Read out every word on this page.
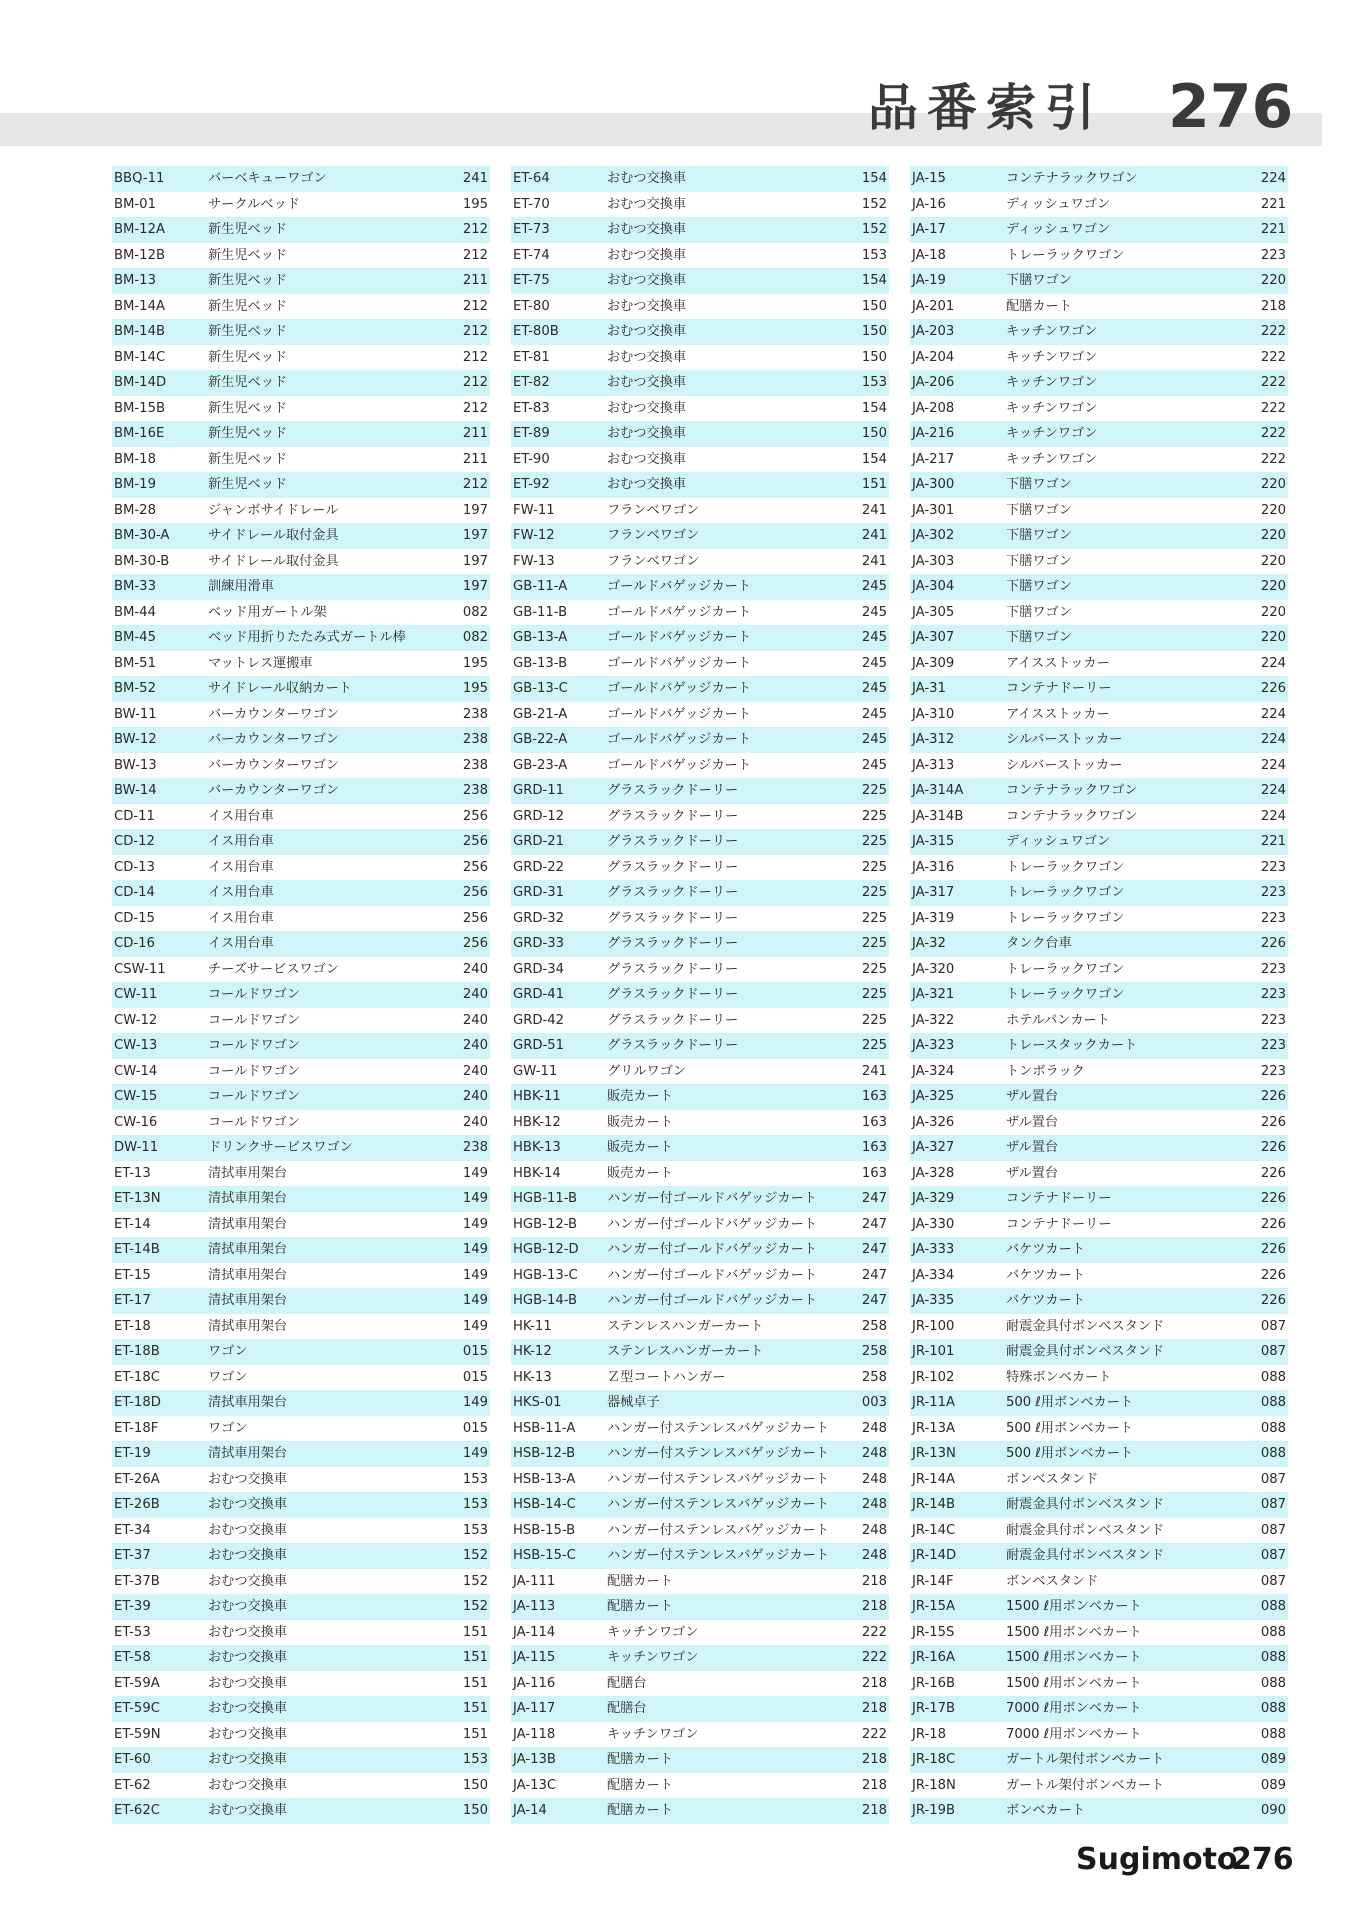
品番索引 276
BBQ-11	バーベキューワゴン	241
BM-01	サークルベッド	195
BM-12A	新生児ベッド	212
BM-12B	新生児ベッド	212
BM-13	新生児ベッド	211
BM-14A	新生児ベッド	212
BM-14B	新生児ベッド	212
BM-14C	新生児ベッド	212
BM-14D	新生児ベッド	212
BM-15B	新生児ベッド	212
BM-16E	新生児ベッド	211
BM-18	新生児ベッド	211
BM-19	新生児ベッド	212
BM-28	ジャンボサイドレール	197
BM-30-A	サイドレール取付金具	197
BM-30-B	サイドレール取付金具	197
BM-33	訓練用滑車	197
BM-44	ベッド用ガートル架	082
BM-45	ベッド用折りたたみ式ガートル棒	082
BM-51	マットレス運搬車	195
BM-52	サイドレール収納カート	195
BW-11	バーカウンターワゴン	238
BW-12	バーカウンターワゴン	238
BW-13	バーカウンターワゴン	238
BW-14	バーカウンターワゴン	238
CD-11	イス用台車	256
CD-12	イス用台車	256
CD-13	イス用台車	256
CD-14	イス用台車	256
CD-15	イス用台車	256
CD-16	イス用台車	256
CSW-11	チーズサービスワゴン	240
CW-11	コールドワゴン	240
CW-12	コールドワゴン	240
CW-13	コールドワゴン	240
CW-14	コールドワゴン	240
CW-15	コールドワゴン	240
CW-16	コールドワゴン	240
DW-11	ドリンクサービスワゴン	238
ET-13	清拭車用架台	149
ET-13N	清拭車用架台	149
ET-14	清拭車用架台	149
ET-14B	清拭車用架台	149
ET-15	清拭車用架台	149
ET-17	清拭車用架台	149
ET-18	清拭車用架台	149
ET-18B	ワゴン	015
ET-18C	ワゴン	015
ET-18D	清拭車用架台	149
ET-18F	ワゴン	015
ET-19	清拭車用架台	149
ET-26A	おむつ交換車	153
ET-26B	おむつ交換車	153
ET-34	おむつ交換車	153
ET-37	おむつ交換車	152
ET-37B	おむつ交換車	152
ET-39	おむつ交換車	152
ET-53	おむつ交換車	151
ET-58	おむつ交換車	151
ET-59A	おむつ交換車	151
ET-59C	おむつ交換車	151
ET-59N	おむつ交換車	151
ET-60	おむつ交換車	153
ET-62	おむつ交換車	150
ET-62C	おむつ交換車	150
ET-64	おむつ交換車	154
ET-70	おむつ交換車	152
ET-73	おむつ交換車	152
ET-74	おむつ交換車	153
ET-75	おむつ交換車	154
ET-80	おむつ交換車	150
ET-80B	おむつ交換車	150
ET-81	おむつ交換車	150
ET-82	おむつ交換車	153
ET-83	おむつ交換車	154
ET-89	おむつ交換車	150
ET-90	おむつ交換車	154
ET-92	おむつ交換車	151
FW-11	フランベワゴン	241
FW-12	フランベワゴン	241
FW-13	フランベワゴン	241
GB-11-A	ゴールドバゲッジカート	245
GB-11-B	ゴールドバゲッジカート	245
GB-13-A	ゴールドバゲッジカート	245
GB-13-B	ゴールドバゲッジカート	245
GB-13-C	ゴールドバゲッジカート	245
GB-21-A	ゴールドバゲッジカート	245
GB-22-A	ゴールドバゲッジカート	245
GB-23-A	ゴールドバゲッジカート	245
GRD-11	グラスラックドーリー	225
GRD-12	グラスラックドーリー	225
GRD-21	グラスラックドーリー	225
GRD-22	グラスラックドーリー	225
GRD-31	グラスラックドーリー	225
GRD-32	グラスラックドーリー	225
GRD-33	グラスラックドーリー	225
GRD-34	グラスラックドーリー	225
GRD-41	グラスラックドーリー	225
GRD-42	グラスラックドーリー	225
GRD-51	グラスラックドーリー	225
GW-11	グリルワゴン	241
HBK-11	販売カート	163
HBK-12	販売カート	163
HBK-13	販売カート	163
HBK-14	販売カート	163
HGB-11-B ハンガー付ゴールドバゲッジカート	247
HGB-12-B ハンガー付ゴールドバゲッジカート	247
HGB-12-D ハンガー付ゴールドバゲッジカート	247
HGB-13-C ハンガー付ゴールドバゲッジカート	247
HGB-14-B ハンガー付ゴールドバゲッジカート	247
HK-11	ステンレスハンガーカート	258
HK-12	ステンレスハンガーカート	258
HK-13	Ｚ型コートハンガー	258
HKS-01	器械卓子	003
HSB-11-A ハンガー付ステンレスバゲッジカート 248
HSB-12-B ハンガー付ステンレスバゲッジカート 248
HSB-13-A ハンガー付ステンレスバゲッジカート 248
HSB-14-C ハンガー付ステンレスバゲッジカート 248
HSB-15-B ハンガー付ステンレスバゲッジカート 248
HSB-15-C ハンガー付ステンレスバゲッジカート 248
JA-111	配膳カート	218
JA-113	配膳カート	218
JA-114	キッチンワゴン	222
JA-115	キッチンワゴン	222
JA-116	配膳台	218
JA-117	配膳台	218
JA-118	キッチンワゴン	222
JA-13B	配膳カート	218
JA-13C	配膳カート	218
JA-14	配膳カート	218
JA-15	コンテナラックワゴン	224
JA-16	ディッシュワゴン	221
JA-17	ディッシュワゴン	221
JA-18	トレーラックワゴン	223
JA-19	下膳ワゴン	220
JA-201	配膳カート	218
JA-203	キッチンワゴン	222
JA-204	キッチンワゴン	222
JA-206	キッチンワゴン	222
JA-208	キッチンワゴン	222
JA-216	キッチンワゴン	222
JA-217	キッチンワゴン	222
JA-300	下膳ワゴン	220
JA-301	下膳ワゴン	220
JA-302	下膳ワゴン	220
JA-303	下膳ワゴン	220
JA-304	下膳ワゴン	220
JA-305	下膳ワゴン	220
JA-307	下膳ワゴン	220
JA-309	アイスストッカー	224
JA-31	コンテナドーリー	226
JA-310	アイスストッカー	224
JA-312	シルバーストッカー	224
JA-313	シルバーストッカー	224
JA-314A	コンテナラックワゴン	224
JA-314B	コンテナラックワゴン	224
JA-315	ディッシュワゴン	221
JA-316	トレーラックワゴン	223
JA-317	トレーラックワゴン	223
JA-319	トレーラックワゴン	223
JA-32	タンク台車	226
JA-320	トレーラックワゴン	223
JA-321	トレーラックワゴン	223
JA-322	ホテルパンカート	223
JA-323	トレースタックカート	223
JA-324	トンボラック	223
JA-325	ザル置台	226
JA-326	ザル置台	226
JA-327	ザル置台	226
JA-328	ザル置台	226
JA-329	コンテナドーリー	226
JA-330	コンテナドーリー	226
JA-333	バケツカート	226
JA-334	バケツカート	226
JA-335	バケツカート	226
JR-100	耐震金具付ボンベスタンド	087
JR-101	耐震金具付ボンベスタンド	087
JR-102	特殊ボンベカート	088
JR-11A	500 ℓ用ボンベカート	088
JR-13A	500 ℓ用ボンベカート	088
JR-13N	500 ℓ用ボンベカート	088
JR-14A	ボンベスタンド	087
JR-14B	耐震金具付ボンベスタンド	087
JR-14C	耐震金具付ボンベスタンド	087
JR-14D	耐震金具付ボンベスタンド	087
JR-14F	ボンベスタンド	087
JR-15A	1500 ℓ用ボンベカート	088
JR-15S	1500 ℓ用ボンベカート	088
JR-16A	1500 ℓ用ボンベカート	088
JR-16B	1500 ℓ用ボンベカート	088
JR-17B	7000 ℓ用ボンベカート	088
JR-18	7000 ℓ用ボンベカート	088
JR-18C	ガートル架付ボンベカート	089
JR-18N	ガートル架付ボンベカート	089
JR-19B	ボンベカート	090
Sugimoto
276
